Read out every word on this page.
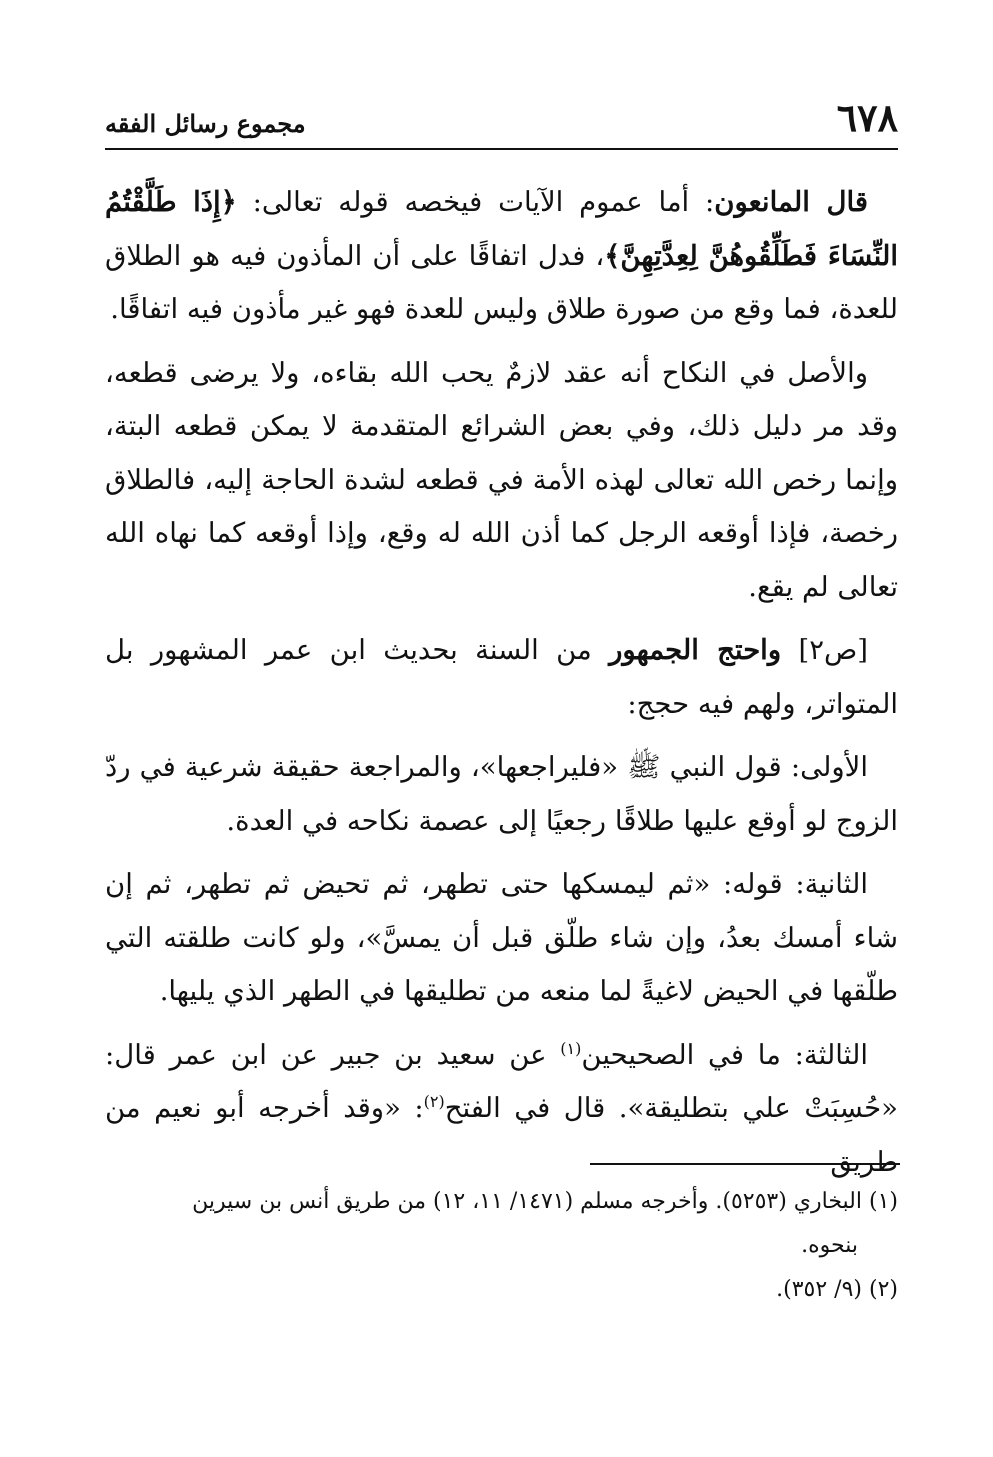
٦٧٨
مجموع رسائل الفقه

قال المانعون: أما عموم الآيات فيخصه قوله تعالى: ﴿إِذَا طَلَّقْتُمُ النِّسَاءَ فَطَلِّقُوهُنَّ لِعِدَّتِهِنَّ﴾، فدل اتفاقًا على أن المأذون فيه هو الطلاق للعدة، فما وقع من صورة طلاق وليس للعدة فهو غير مأذون فيه اتفاقًا.

والأصل في النكاح أنه عقد لازمٌ يحب الله بقاءه، ولا يرضى قطعه، وقد مر دليل ذلك، وفي بعض الشرائع المتقدمة لا يمكن قطعه البتة، وإنما رخص الله تعالى لهذه الأمة في قطعه لشدة الحاجة إليه، فالطلاق رخصة، فإذا أوقعه الرجل كما أذن الله له وقع، وإذا أوقعه كما نهاه الله تعالى لم يقع.

[ص٢] واحتج الجمهور من السنة بحديث ابن عمر المشهور بل المتواتر، ولهم فيه حجج:

الأولى: قول النبي ﷺ «فليراجعها»، والمراجعة حقيقة شرعية في ردّ الزوج لو أوقع عليها طلاقًا رجعيًا إلى عصمة نكاحه في العدة.

الثانية: قوله: «ثم ليمسكها حتى تطهر، ثم تحيض ثم تطهر، ثم إن شاء أمسك بعدُ، وإن شاء طلّق قبل أن يمسَّ»، ولو كانت طلقته التي طلّقها في الحيض لاغيةً لما منعه من تطليقها في الطهر الذي يليها.

الثالثة: ما في الصحيحين$^{(١)}$ عن سعيد بن جبير عن ابن عمر قال: «حُسِبَتْ علي بتطليقة». قال في الفتح$^{(٢)}$: «وقد أخرجه أبو نعيم من طريق

(١) البخاري (٥٢٥٣). وأخرجه مسلم (١٤٧١/ ١١، ١٢) من طريق أنس بن سيرين

بنحوه.

(٢) (٩/ ٣٥٢).
